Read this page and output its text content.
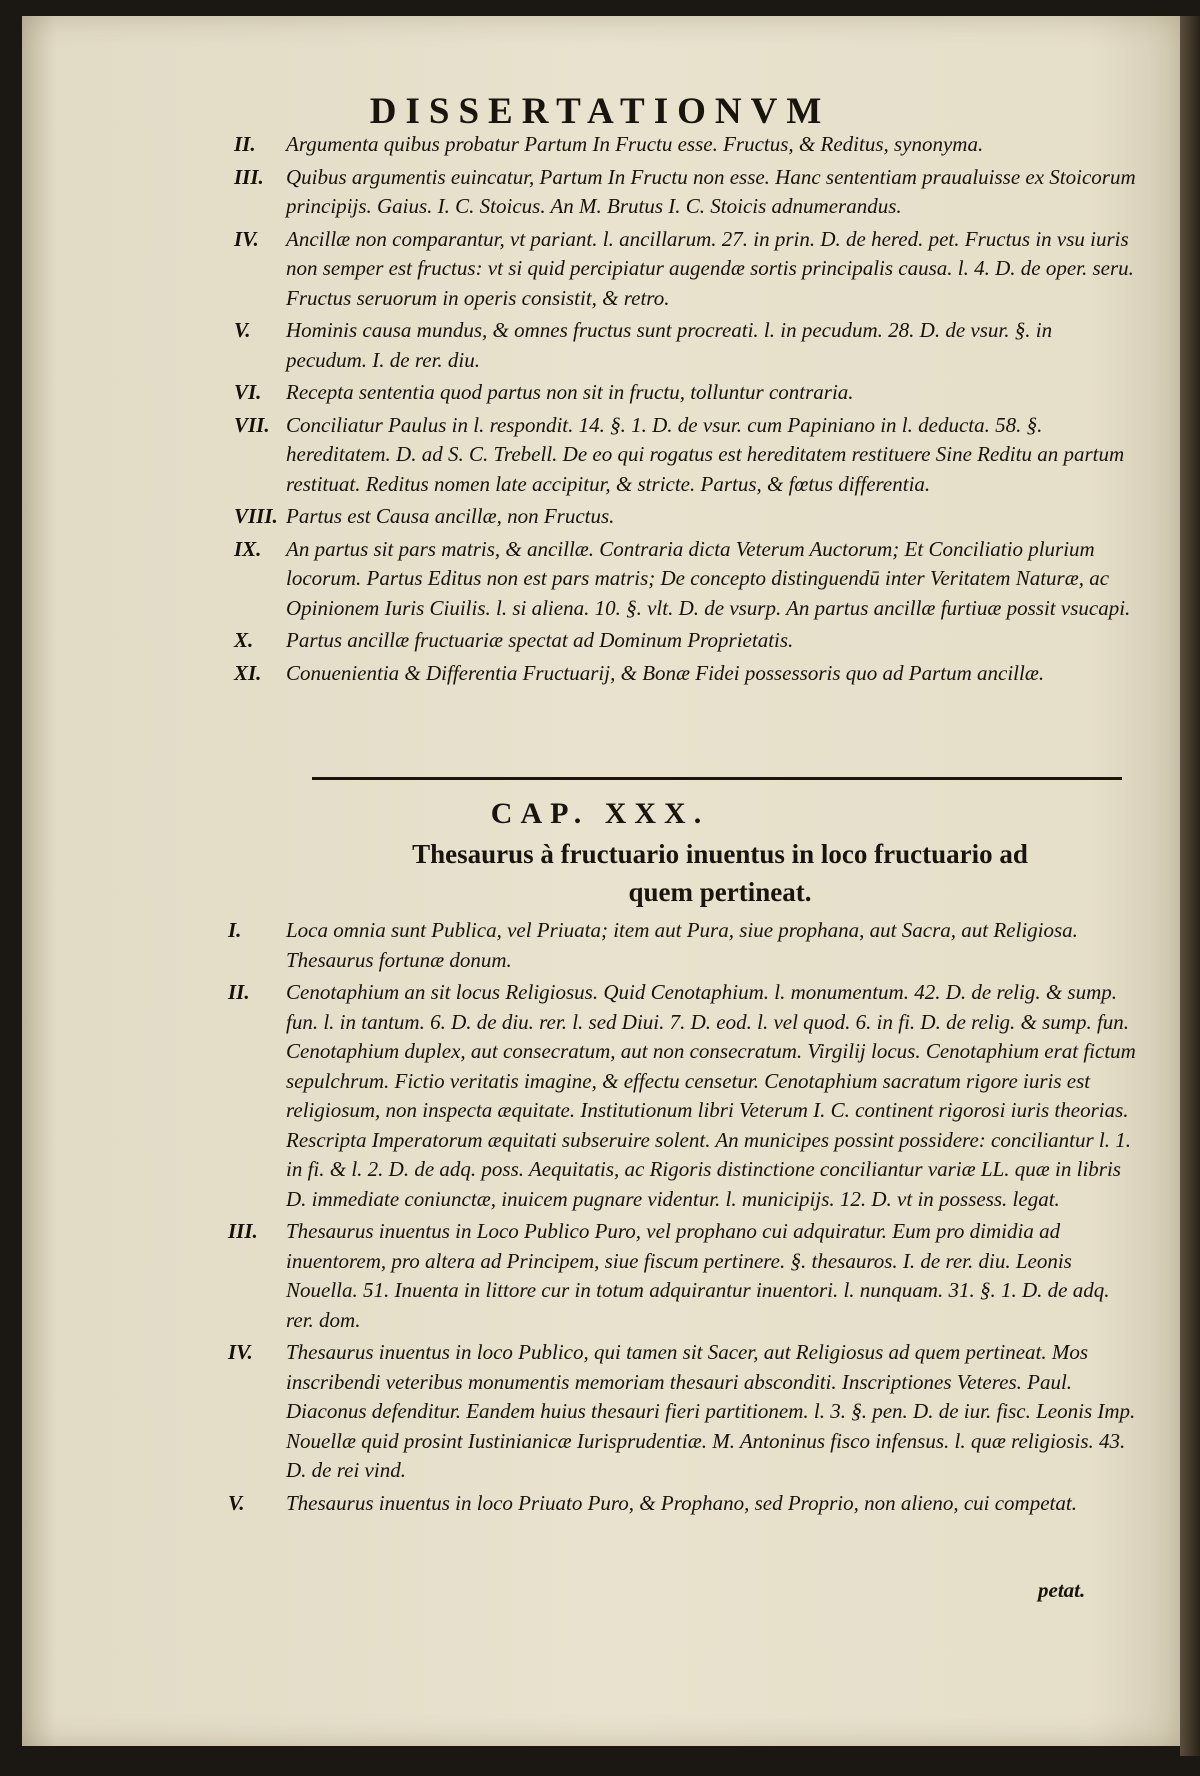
DISSERTATIONVM

II. Argumenta quibus probatur Partum In Fructu esse. Fructus, & Reditus, synonyma.

III. Quibus argumentis euincatur, Partum In Fructu non esse. Hanc sententiam praualuisse ex Stoicorum principijs. Gaius. I. C. Stoicus. An M. Brutus I. C. Stoicis adnumerandus.

IV. Ancillæ non comparantur, vt pariant. l. ancillarum. 27. in prin. D. de hered. pet. Fructus in vsu iuris non semper est fructus: vt si quid percipiatur augendæ sortis principalis causa. l. 4. D. de oper. seru. Fructus seruorum in operis consistit, & retro.

V. Hominis causa mundus, & omnes fructus sunt procreati. l. in pecudum. 28. D. de vsur. §. in pecudum. I. de rer. diu.

VI. Recepta sententia quod partus non sit in fructu, tolluntur contraria.

VII. Conciliatur Paulus in l. respondit. 14. §. 1. D. de vsur. cum Papiniano in l. deducta. 58. §. hereditatem. D. ad S. C. Trebell. De eo qui rogatus est hereditatem restituere Sine Reditu an partum restituat. Reditus nomen late accipitur, & stricte. Partus, & fœtus differentia.

VIII. Partus est Causa ancillæ, non Fructus.

IX. An partus sit pars matris, & ancillæ. Contraria dicta Veterum Auctorum; Et Conciliatio plurium locorum. Partus Editus non est pars matris; De concepto distinguendū inter Veritatem Naturæ, ac Opinionem Iuris Ciuilis. l. si aliena. 10. §. vlt. D. de vsurp. An partus ancillæ furtiuæ possit vsucapi.

X. Partus ancillæ fructuariæ spectat ad Dominum Proprietatis.

XI. Conuenientia & Differentia Fructuarij, & Bonæ Fidei possessoris quo ad Partum ancillæ.

CAP. XXX.
Thesaurus à fructuario inuentus in loco fructuario ad quem pertineat.

I. Loca omnia sunt Publica, vel Priuata; item aut Pura, siue prophana, aut Sacra, aut Religiosa. Thesaurus fortunæ donum.

II. Cenotaphium an sit locus Religiosus. Quid Cenotaphium. l. monumentum. 42. D. de relig. & sump. fun. l. in tantum. 6. D. de diu. rer. l. sed Diui. 7. D. eod. l. vel quod. 6. in fi. D. de relig. & sump. fun. Cenotaphium duplex, aut consecratum, aut non consecratum. Virgilij locus. Cenotaphium erat fictum sepulchrum. Fictio veritatis imagine, & effectu censetur. Cenotaphium sacratum rigore iuris est religiosum, non inspecta æquitate. Institutionum libri Veterum I. C. continent rigorosi iuris theorias. Rescripta Imperatorum æquitati subseruire solent. An municipes possint possidere: conciliantur l. 1. in fi. & l. 2. D. de adq. poss. Aequitatis, ac Rigoris distinctione conciliantur variæ LL. quæ in libris D. immediate coniunctæ, inuicem pugnare videntur. l. municipijs. 12. D. vt in possess. legat.

III. Thesaurus inuentus in Loco Publico Puro, vel prophano cui adquiratur. Eum pro dimidia ad inuentorem, pro altera ad Principem, siue fiscum pertinere. §. thesauros. I. de rer. diu. Leonis Nouella. 51. Inuenta in littore cur in totum adquirantur inuentori. l. nunquam. 31. §. 1. D. de adq. rer. dom.

IV. Thesaurus inuentus in loco Publico, qui tamen sit Sacer, aut Religiosus ad quem pertineat. Mos inscribendi veteribus monumentis memoriam thesauri absconditi. Inscriptiones Veteres. Paul. Diaconus defenditur. Eandem huius thesauri fieri partitionem. l. 3. §. pen. D. de iur. fisc. Leonis Imp. Nouellæ quid prosint Iustinianicæ Iurisprudentiæ. M. Antoninus fisco infensus. l. quæ religiosis. 43. D. de rei vind.

V. Thesaurus inuentus in loco Priuato Puro, & Prophano, sed Proprio, non alieno, cui competat.

petat.
